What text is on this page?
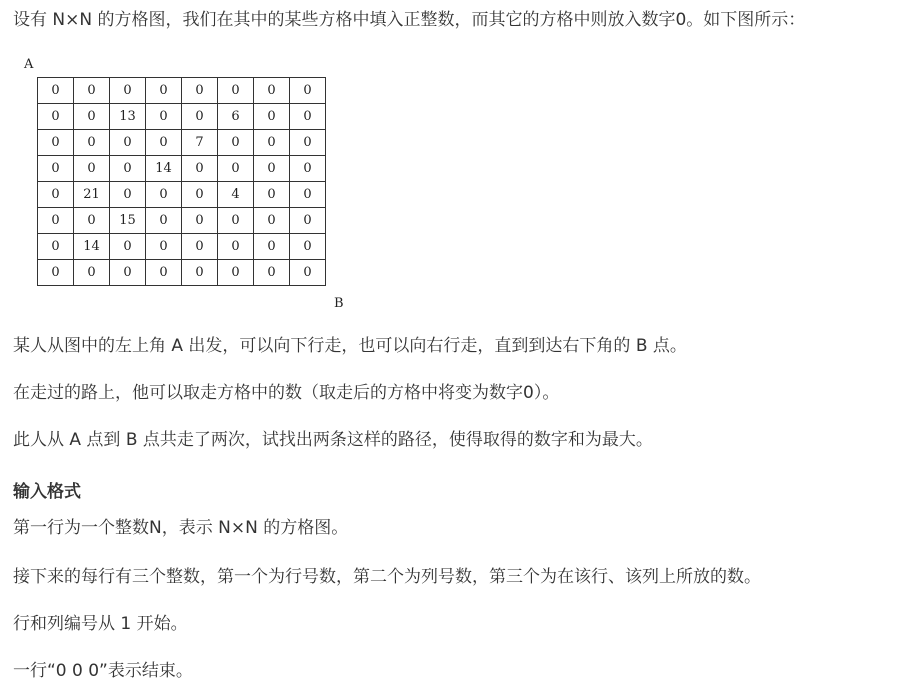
设有 N×N 的方格图，我们在其中的某些方格中填入正整数，而其它的方格中则放入数字0。如下图所示：
A
0	0	0	0	0	0	0	0
0	0	13	0	0	6	0	0
0	0	0	0	7	0	0	0
0	0	0	14	0	0	0	0
0	21	0	0	0	4	0	0
0	0	15	0	0	0	0	0
0	14	0	0	0	0	0	0
0	0	0	0	0	0	0	0
B
某人从图中的左上角 A 出发，可以向下行走，也可以向右行走，直到到达右下角的 B 点。
在走过的路上，他可以取走方格中的数（取走后的方格中将变为数字0）。
此人从 A 点到 B 点共走了两次，试找出两条这样的路径，使得取得的数字和为最大。
输入格式
第一行为一个整数N，表示 N×N 的方格图。
接下来的每行有三个整数，第一个为行号数，第二个为列号数，第三个为在该行、该列上所放的数。
行和列编号从 1 开始。
一行“0 0 0”表示结束。
